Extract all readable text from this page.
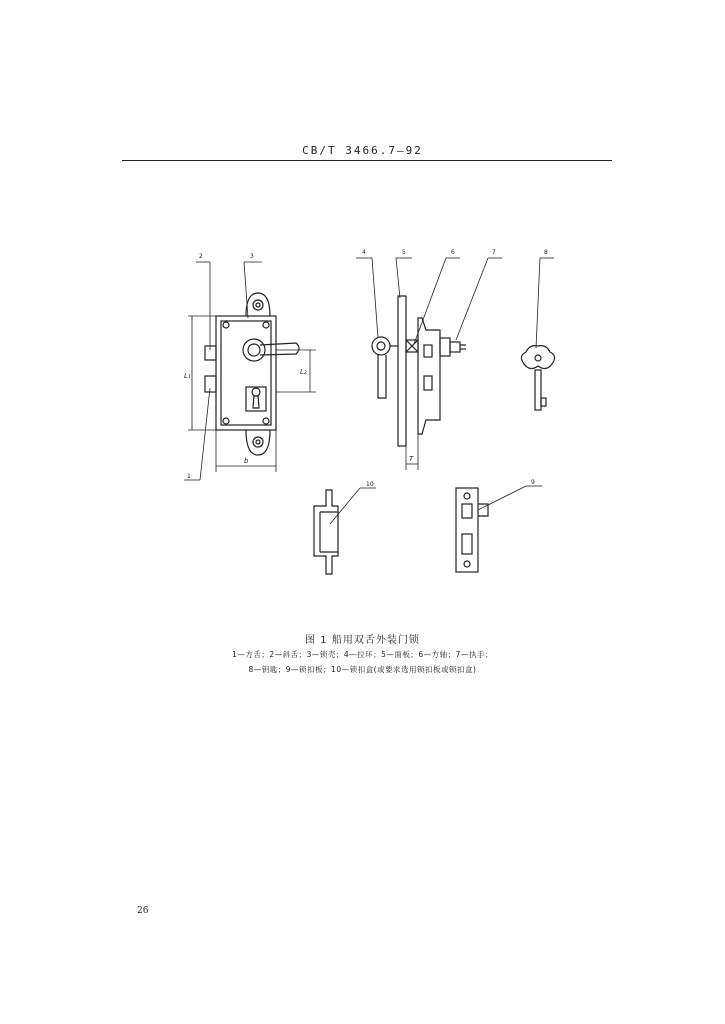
CB/T 3466.7—92
2	3
1
4	5	6	7	8
9
10
L₁	L₂
b	T
图 1 船用双舌外装门锁
1—方舌；2—斜舌；3—锁壳；4—拉环；5—面板；6—方轴；7—执手；
8—钥匙；9—锁扣板；10—锁扣盒(或要求选用锁扣板或锁扣盒)
26
